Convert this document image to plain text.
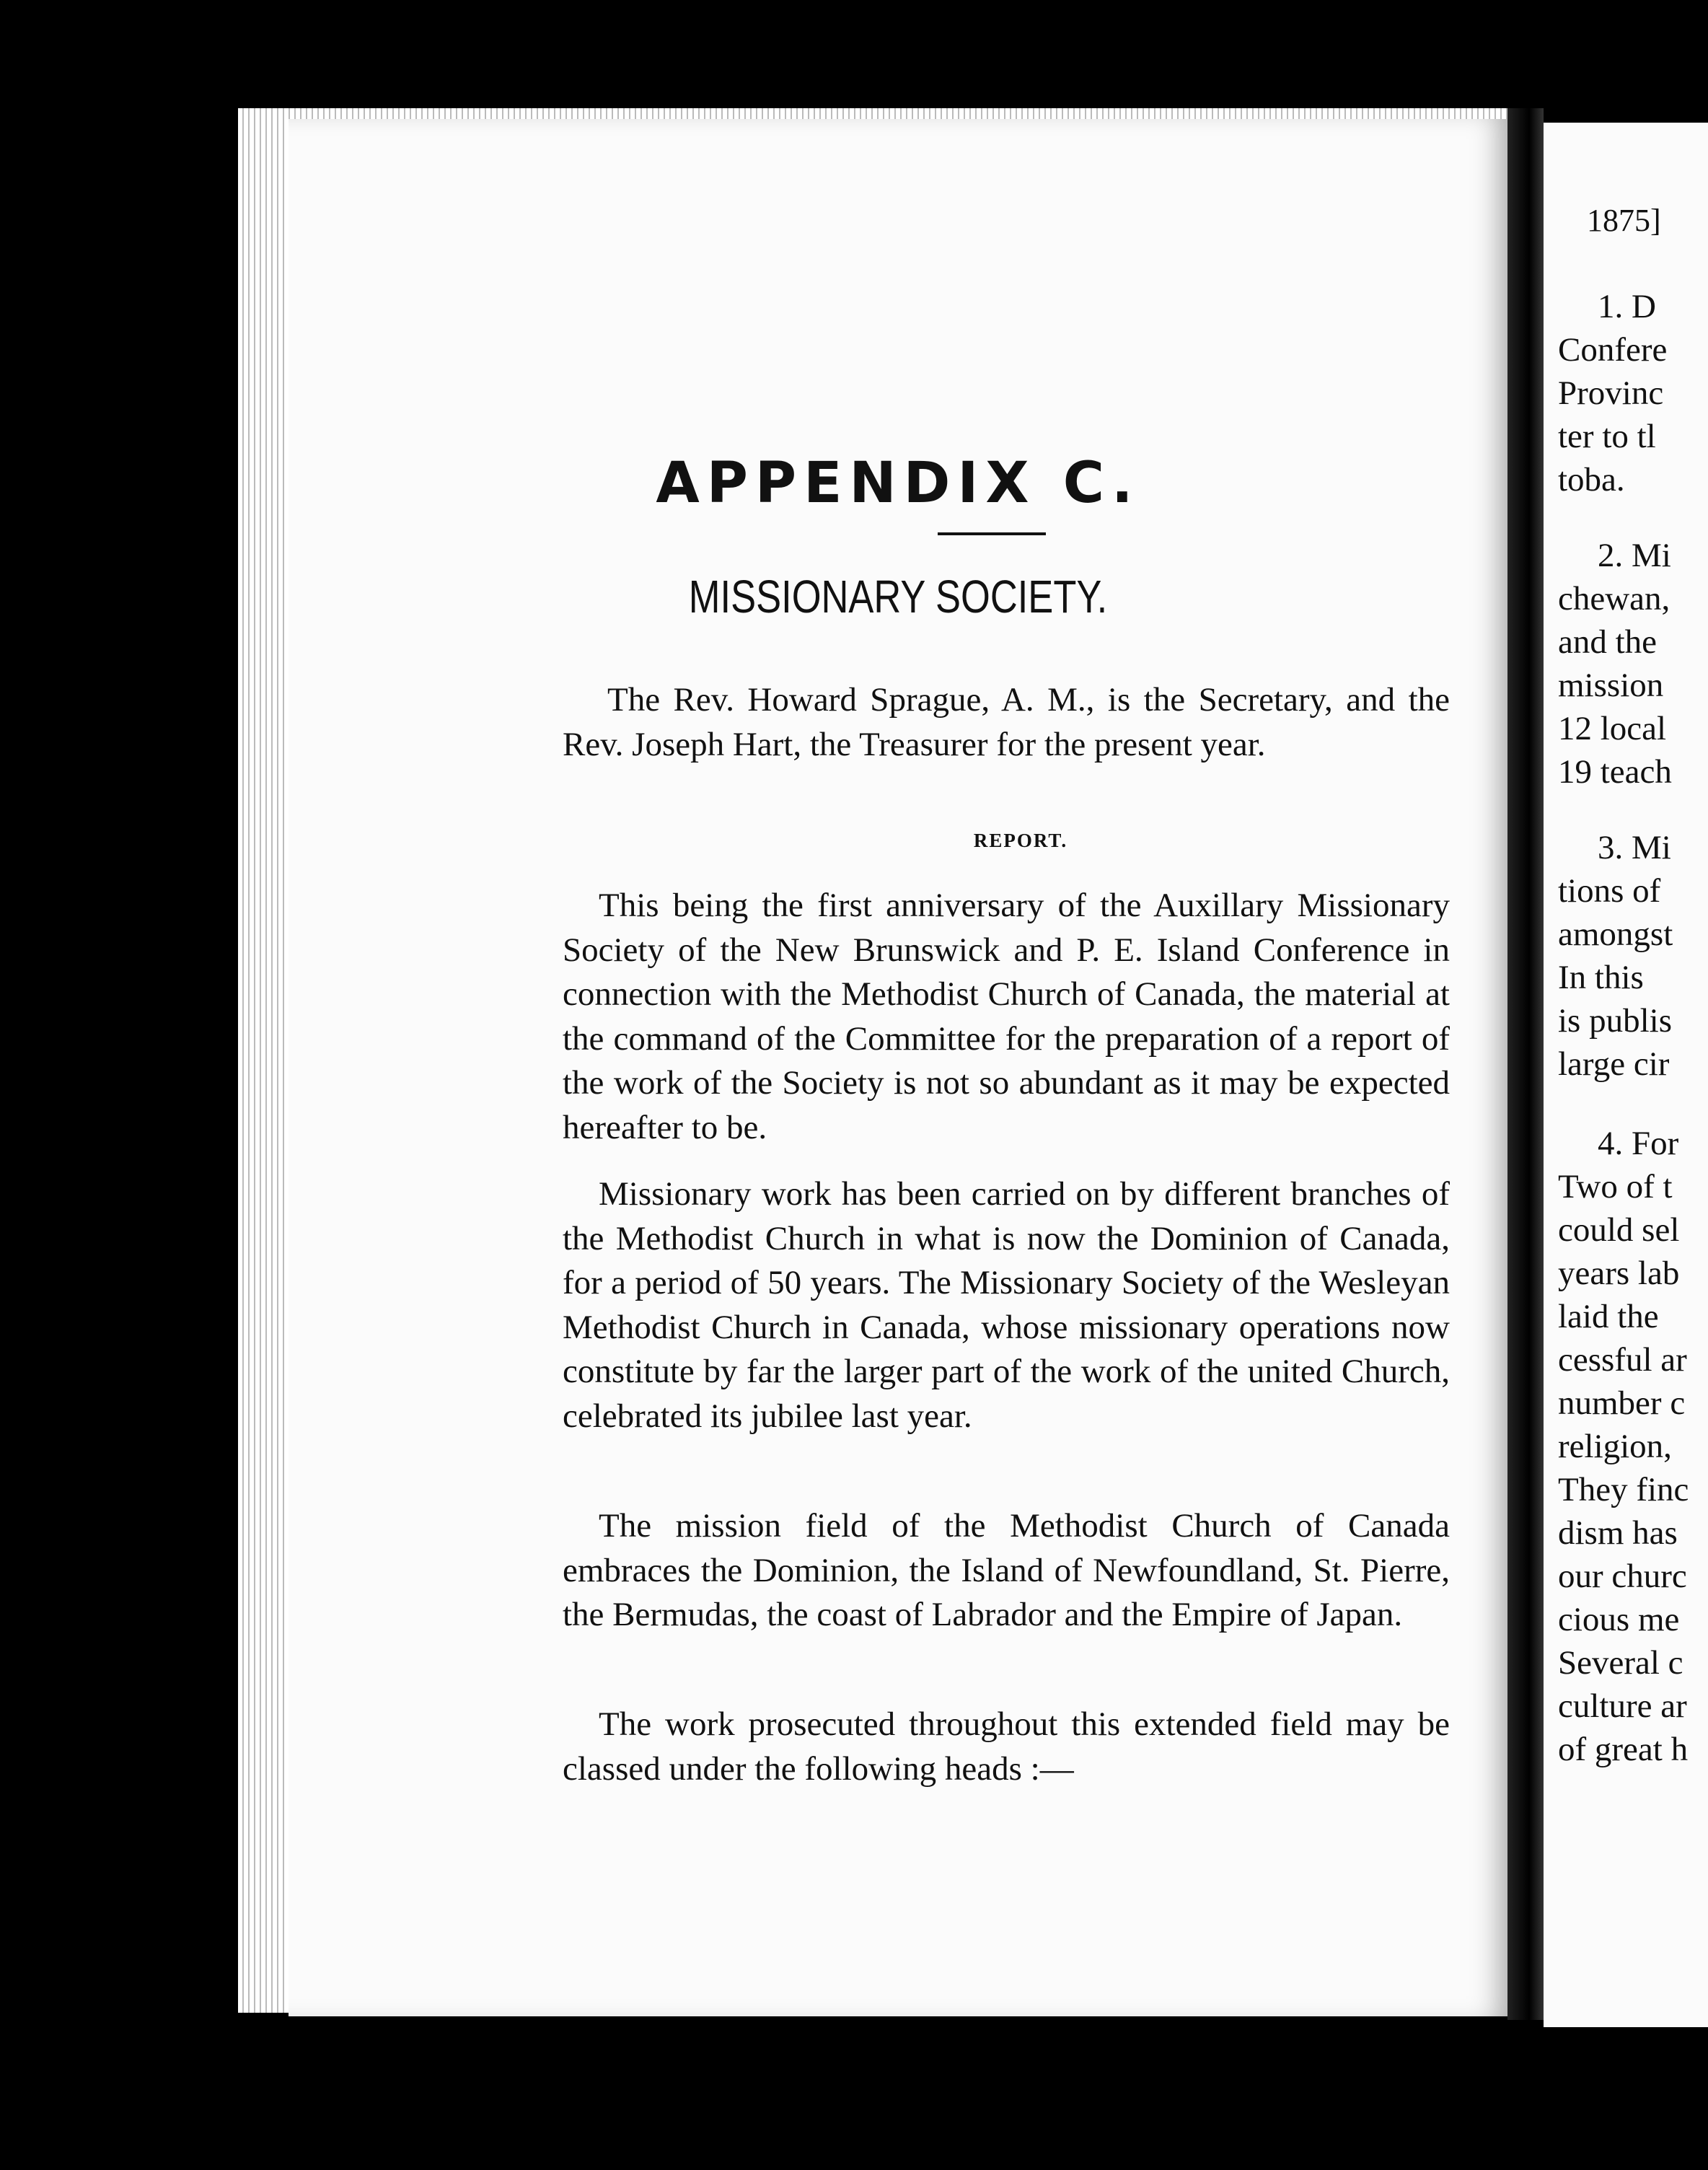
APPENDIX C.
MISSIONARY SOCIETY.

The Rev. Howard Sprague, A. M., is the Secretary, and the Rev. Joseph Hart, the Treasurer for the present year.

REPORT.

This being the first anniversary of the Auxillary Missionary Society of the New Brunswick and P. E. Island Conference in connection with the Methodist Church of Canada, the material at the command of the Committee for the preparation of a report of the work of the Society is not so abundant as it may be expected hereafter to be.

Missionary work has been carried on by different branches of the Methodist Church in what is now the Dominion of Canada, for a period of 50 years. The Missionary Society of the Wesleyan Methodist Church in Canada, whose missionary operations now constitute by far the larger part of the work of the united Church, celebrated its jubilee last year.

The mission field of the Methodist Church of Canada embraces the Dominion, the Island of Newfoundland, St. Pierre, the Bermudas, the coast of Labrador and the Empire of Japan.

The work prosecuted throughout this extended field may be classed under the following heads :—

1875]

1. D

Confere

Provinc

ter to tl

toba.

2. Mi

chewan,

and the

mission

12 local

19 teach

3. Mi

tions of

amongst

In this

is publis

large cir

4. For

Two of t

could sel

years lab

laid the

cessful ar

number c

religion,

They finc

dism has

our churc

cious me

Several c

culture ar

of great h
